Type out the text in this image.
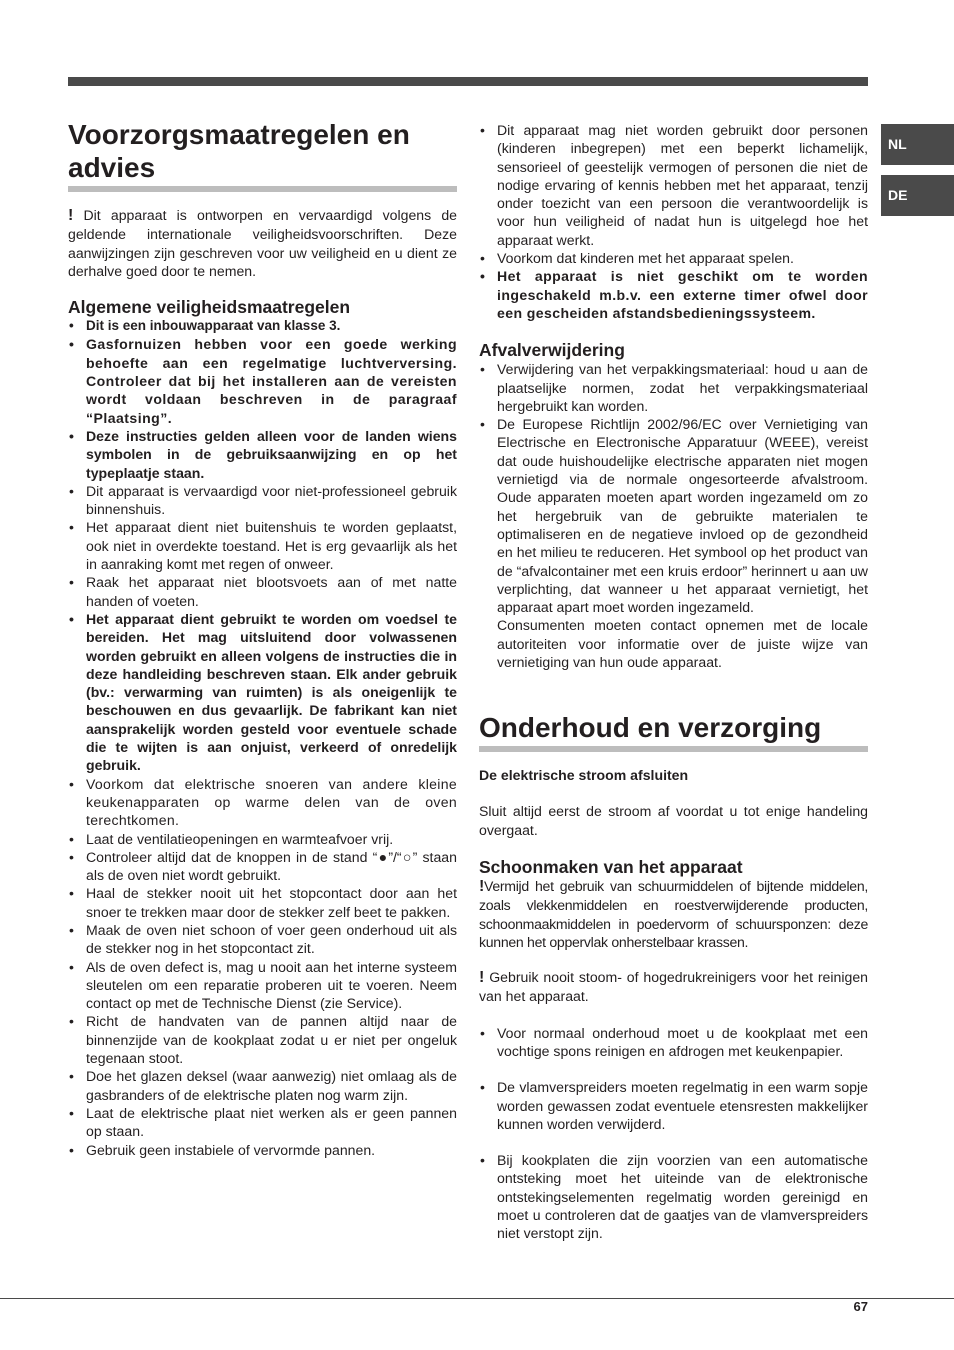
NL
DE
Voorzorgsmaatregelen en advies

! Dit apparaat is ontworpen en vervaardigd volgens de geldende internationale veiligheidsvoorschriften. Deze aanwijzingen zijn geschreven voor uw veiligheid en u dient ze derhalve goed door te nemen.

Algemene veiligheidsmaatregelen
• Dit is een inbouwapparaat van klasse 3.
• Gasfornuizen hebben voor een goede werking behoefte aan een regelmatige luchtverversing. Controleer dat bij het installeren aan de vereisten wordt voldaan beschreven in de paragraaf “Plaatsing”.
• Deze instructies gelden alleen voor de landen wiens symbolen in de gebruiksaanwijzing en op het typeplaatje staan.
• Dit apparaat is vervaardigd voor niet-professioneel gebruik binnenshuis.
• Het apparaat dient niet buitenshuis te worden geplaatst, ook niet in overdekte toestand. Het is erg gevaarlijk als het in aanraking komt met regen of onweer.
• Raak het apparaat niet blootsvoets aan of met natte handen of voeten.
• Het apparaat dient gebruikt te worden om voedsel te bereiden. Het mag uitsluitend door volwassenen worden gebruikt en alleen volgens de instructies die in deze handleiding beschreven staan. Elk ander gebruik (bv.: verwarming van ruimten) is als oneigenlijk te beschouwen en dus gevaarlijk. De fabrikant kan niet aansprakelijk worden gesteld voor eventuele schade die te wijten is aan onjuist, verkeerd of onredelijk gebruik.
• Voorkom dat elektrische snoeren van andere kleine keukenapparaten op warme delen van de oven terechtkomen.
• Laat de ventilatieopeningen en warmteafvoer vrij.
• Controleer altijd dat de knoppen in de stand “●”/“○” staan als de oven niet wordt gebruikt.
• Haal de stekker nooit uit het stopcontact door aan het snoer te trekken maar door de stekker zelf beet te pakken.
• Maak de oven niet schoon of voer geen onderhoud uit als de stekker nog in het stopcontact zit.
• Als de oven defect is, mag u nooit aan het interne systeem sleutelen om een reparatie proberen uit te voeren. Neem contact op met de Technische Dienst (zie Service).
• Richt de handvaten van de pannen altijd naar de binnenzijde van de kookplaat zodat u er niet per ongeluk tegenaan stoot.
• Doe het glazen deksel (waar aanwezig) niet omlaag als de gasbranders of de elektrische platen nog warm zijn.
• Laat de elektrische plaat niet werken als er geen pannen op staan.
• Gebruik geen instabiele of vervormde pannen.
• Dit apparaat mag niet worden gebruikt door personen (kinderen inbegrepen) met een beperkt lichamelijk, sensorieel of geestelijk vermogen of personen die niet de nodige ervaring of kennis hebben met het apparaat, tenzij onder toezicht van een persoon die verantwoordelijk is voor hun veiligheid of nadat hun is uitgelegd hoe het apparaat werkt.
• Voorkom dat kinderen met het apparaat spelen.
• Het apparaat is niet geschikt om te worden ingeschakeld m.b.v. een externe timer ofwel door een gescheiden afstandsbedieningssysteem.
Afvalverwijdering
• Verwijdering van het verpakkingsmateriaal: houd u aan de plaatselijke normen, zodat het verpakkingsmateriaal hergebruikt kan worden.
• De Europese Richtlijn 2002/96/EC over Vernietiging van Electrische en Electronische Apparatuur (WEEE), vereist dat oude huishoudelijke electrische apparaten niet mogen vernietigd via de normale ongesorteerde afvalstroom. Oude apparaten moeten apart worden ingezameld om zo het hergebruik van de gebruikte materialen te optimaliseren en de negatieve invloed op de gezondheid en het milieu te reduceren. Het symbool op het product van de “afvalcontainer met een kruis erdoor” herinnert u aan uw verplichting, dat wanneer u het apparaat vernietigt, het apparaat apart moet worden ingezameld.

Consumenten moeten contact opnemen met de locale autoriteiten voor informatie over de juiste wijze van vernietiging van hun oude apparaat.

Onderhoud en verzorging
De elektrische stroom afsluiten

Sluit altijd eerst de stroom af voordat u tot enige handeling overgaat.

Schoonmaken van het apparaat

!Vermijd het gebruik van schuurmiddelen of bijtende middelen, zoals vlekkenmiddelen en roestverwijderende producten, schoonmaakmiddelen in poedervorm of schuursponzen: deze kunnen het oppervlak onherstelbaar krassen.

! Gebruik nooit stoom- of hogedrukreinigers voor het reinigen van het apparaat.

• Voor normaal onderhoud moet u de kookplaat met een vochtige spons reinigen en afdrogen met keukenpapier.
• De vlamverspreiders moeten regelmatig in een warm sopje worden gewassen zodat eventuele etensresten makkelijker kunnen worden verwijderd.
• Bij kookplaten die zijn voorzien van een automatische ontsteking moet het uiteinde van de elektronische ontstekingselementen regelmatig worden gereinigd en moet u controleren dat de gaatjes van de vlamverspreiders niet verstopt zijn.
67
